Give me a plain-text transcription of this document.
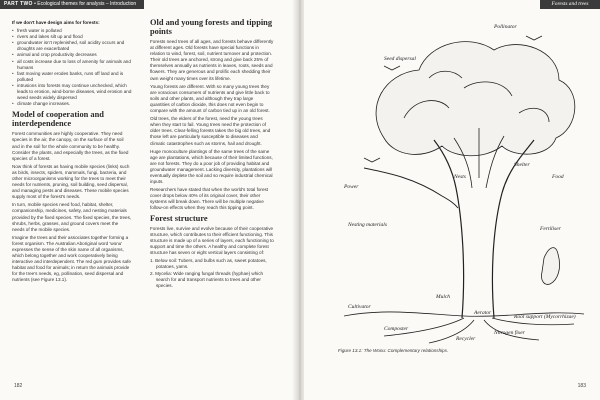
PART TWO • Ecological themes for analysis – Introduction

If we don't have design aims for forests:

• fresh water is polluted
• rivers and lakes silt up and flood
• groundwater isn't replenished, soil acidity occurs and droughts are exacerbated
• animal and crop productivity decreases
• all costs increase due to loss of amenity for animals and humans
• fast moving water erodes banks, runs off land and is polluted
• intrusions into forests may continue unchecked, which leads to erosion, wind-borne diseases, wind erosion and weed seeds widely dispersed
• climate change increases.
Model of cooperation and interdependence

Forest communities are highly cooperative. They need species in the air, the canopy, on the surface of the soil and in the soil for the whole community to be healthy. Consider the plants, and especially the trees, as the fixed species of a forest.

Now think of forests as having mobile species (links) such as birds, insects, spiders, mammals, fungi, bacteria, and other microorganisms working for the trees to meet their needs for nutrients, pruning, soil building, seed dispersal, and managing pests and diseases. These mobile species supply most of the forest's needs.

In turn, mobile species need food, habitat, shelter, companionship, medicines, safety, and nesting materials provided by the fixed species. The fixed species, the trees, shrubs, herbs, grasses, and ground covers meet the needs of the mobile species.

Imagine the trees and their associates together forming a forest organism. The Australian Aboriginal word 'wonu' expresses the sense of the skin name of all organisms, which belong together and work cooperatively being interactive and interdependent. The red gum provides safe habitat and food for animals; in return the animals provide for the tree's needs, eg, pollination, seed dispersal and nutrients (see Figure 13.1).

Old and young forests and tipping points

Forests need trees of all ages, and forests behave differently at different ages. Old forests have special functions in relation to wind, forest, soil, nutrient turnover and protection. Their old trees are anchored, strong and give back 25% of themselves annually as nutrients in leaves, roots, seeds and flowers. They are generous and prolific each shedding their own weight many times over its lifetime.

Young forests are different. With so many young trees they are voracious consumers of nutrients and give little back to soils and other plants, and although they trap large quantities of carbon dioxide, this does not even begin to compare with the amount of carbon tied up in an old forest.

Old trees, the elders of the forest, need the young trees when they start to fail. Young trees need the protection of older trees. Clear-felling forests takes the big old trees, and those left are particularly susceptible to diseases and climatic catastrophes such as storms, hail and drought.

Huge monoculture plantings of the same trees of the same age are plantations, which because of their limited functions, are not forests. They do a poor job of providing habitat and groundwater management. Lacking diversity, plantations will eventually deplete the soil and so require industrial chemical inputs.

Researchers have stated that when the world's total forest cover drops below 40% of its original cover, their other systems will break down. There will be multiple negative follow-on effects when they reach this tipping point.

Forest structure

Forests live, survive and evolve because of their cooperative structure, which contributes to their efficient functioning. This structure is made up of a series of layers, each functioning to support and time the others. A healthy and complete forest structure has seven or eight vertical layers consisting of:

1. Below soil: Tubers, and bulbs such as, sweet potatoes, potatoes, yams.
2. Mycelia: Wide ranging fungal threads (hyphae) which search for and transport nutrients to trees and other species.
182
Forests and trees
Pollinator
Seed dispersal
Shelter
Nests
Power
Nesting materials
Food
Fertiliser
Mulch
Cultivator
Aerator
Composter
Recycler
Nitrogen fixer
Root support (Mycorrhizae)
Figure 13.1: The Wonu: Complementary relationships.
183
